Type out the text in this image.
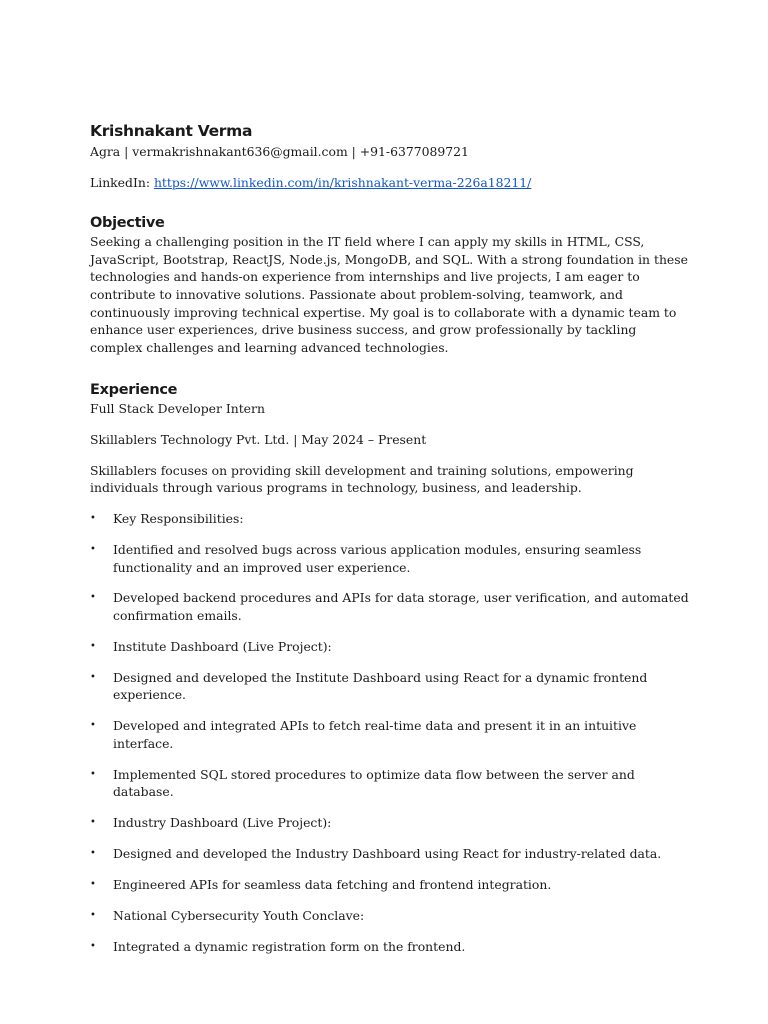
Krishnakant Verma

Agra | vermakrishnakant636@gmail.com | +91-6377089721

LinkedIn: https://www.linkedin.com/in/krishnakant-verma-226a18211/

Objective

Seeking a challenging position in the IT field where I can apply my skills in HTML, CSS, JavaScript, Bootstrap, ReactJS, Node.js, MongoDB, and SQL. With a strong foundation in these technologies and hands-on experience from internships and live projects, I am eager to contribute to innovative solutions. Passionate about problem-solving, teamwork, and continuously improving technical expertise. My goal is to collaborate with a dynamic team to enhance user experiences, drive business success, and grow professionally by tackling complex challenges and learning advanced technologies.

Experience

Full Stack Developer Intern

Skillablers Technology Pvt. Ltd. | May 2024 – Present

Skillablers focuses on providing skill development and training solutions, empowering individuals through various programs in technology, business, and leadership.

• Key Responsibilities:
• Identified and resolved bugs across various application modules, ensuring seamless functionality and an improved user experience.
• Developed backend procedures and APIs for data storage, user verification, and automated confirmation emails.
• Institute Dashboard (Live Project):
• Designed and developed the Institute Dashboard using React for a dynamic frontend experience.
• Developed and integrated APIs to fetch real-time data and present it in an intuitive interface.
• Implemented SQL stored procedures to optimize data flow between the server and database.
• Industry Dashboard (Live Project):
• Designed and developed the Industry Dashboard using React for industry-related data.
• Engineered APIs for seamless data fetching and frontend integration.
• National Cybersecurity Youth Conclave:
• Integrated a dynamic registration form on the frontend.
